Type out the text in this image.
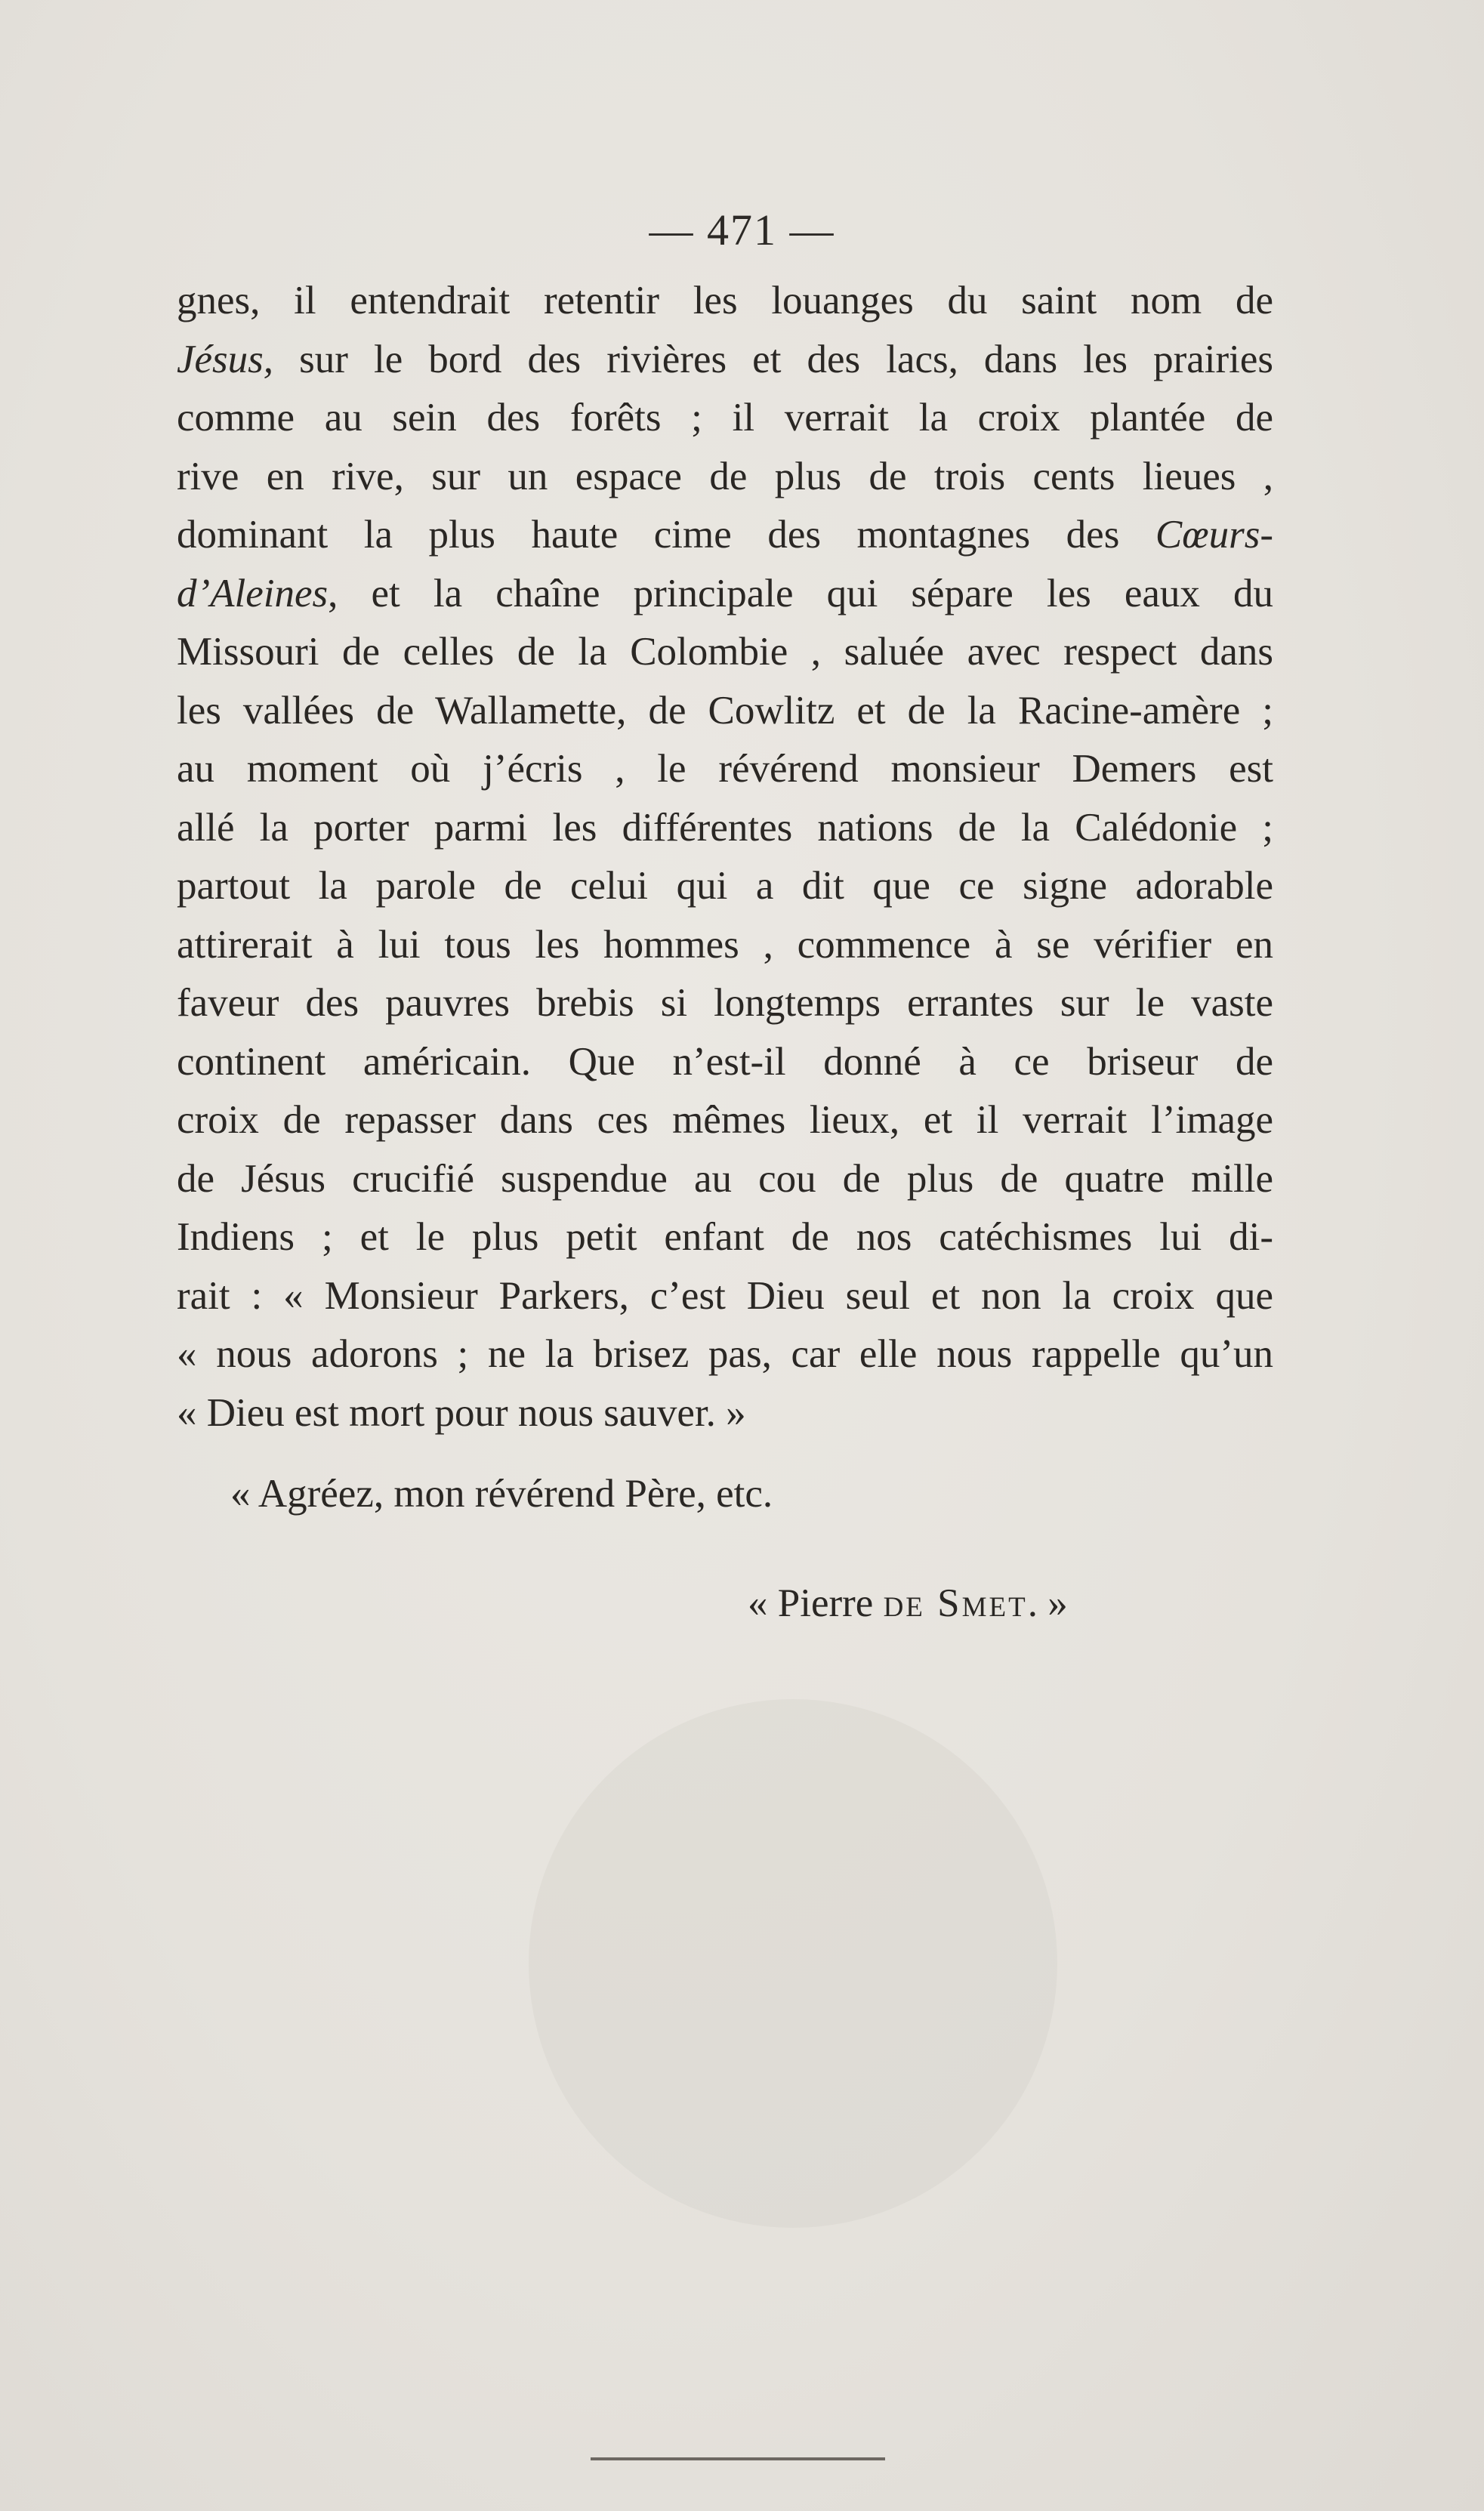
— 471 —
gnes, il entendrait retentir les louanges du saint nom de
Jésus, sur le bord des rivières et des lacs, dans les prairies
comme au sein des forêts ; il verrait la croix plantée de
rive en rive, sur un espace de plus de trois cents lieues ,
dominant la plus haute cime des montagnes des Cœurs-
d’Aleines, et la chaîne principale qui sépare les eaux du
Missouri de celles de la Colombie , saluée avec respect dans
les vallées de Wallamette, de Cowlitz et de la Racine-amère ;
au moment où j’écris , le révérend monsieur Demers est
allé la porter parmi les différentes nations de la Calédonie ;
partout la parole de celui qui a dit que ce signe adorable
attirerait à lui tous les hommes , commence à se vérifier en
faveur des pauvres brebis si longtemps errantes sur le vaste
continent américain. Que n’est-il donné à ce briseur de
croix de repasser dans ces mêmes lieux, et il verrait l’image
de Jésus crucifié suspendue au cou de plus de quatre mille
Indiens ; et le plus petit enfant de nos catéchismes lui di-
rait : « Monsieur Parkers, c’est Dieu seul et non la croix que
« nous adorons ; ne la brisez pas, car elle nous rappelle qu’un
« Dieu est mort pour nous sauver. »
« Agréez, mon révérend Père, etc.
« Pierre de Smet. »
